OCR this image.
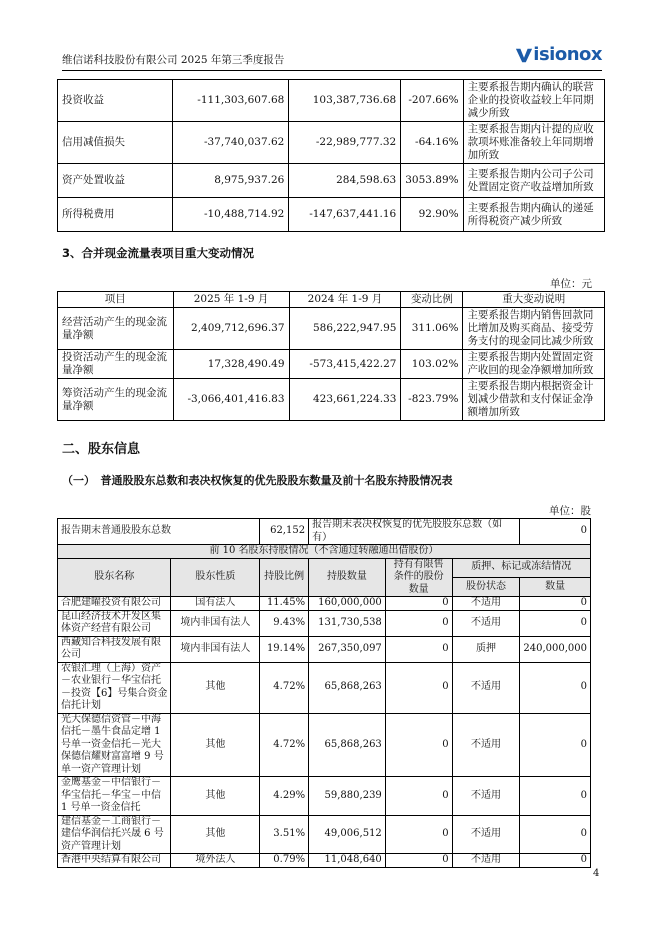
维信诺科技股份有限公司 2025 年第三季度报告	isionox
投资收益	-111,303,607.68	103,387,736.68	-207.66%	主要系报告期内确认的联营企业的投资收益较上年同期减少所致
信用减值损失	-37,740,037.62	-22,989,777.32	-64.16%	主要系报告期内计提的应收款项坏账准备较上年同期增加所致
资产处置收益	8,975,937.26	284,598.63	3053.89%	主要系报告期内公司子公司处置固定资产收益增加所致
所得税费用	-10,488,714.92	-147,637,441.16	92.90%	主要系报告期内确认的递延所得税资产减少所致
3、合并现金流量表项目重大变动情况
单位：元
项目	2025 年 1-9 月	2024 年 1-9 月	变动比例	重大变动说明
经营活动产生的现金流量净额	2,409,712,696.37	586,222,947.95	311.06%	主要系报告期内销售回款同比增加及购买商品、接受劳务支付的现金同比减少所致
投资活动产生的现金流量净额	17,328,490.49	-573,415,422.27	103.02%	主要系报告期内处置固定资产收回的现金净额增加所致
筹资活动产生的现金流量净额	-3,066,401,416.83	423,661,224.33	-823.79%	主要系报告期内根据资金计划减少借款和支付保证金净额增加所致
二、股东信息
（一）　普通股股东总数和表决权恢复的优先股股东数量及前十名股东持股情况表
单位：股
报告期末普通股股东总数		62,152	报告期末表决权恢复的优先股股东总数（如有）			0
前 10 名股东持股情况（不含通过转融通出借股份）						
股东名称	股东性质	持股比例	持股数量	持有有限售条件的股份数量	质押、标记或冻结情况	
					股份状态	数量
合肥建曜投资有限公司	国有法人	11.45%	160,000,000	0	不适用	0
昆山经济技术开发区集体资产经营有限公司	境内非国有法人	9.43%	131,730,538	0	不适用	0
西藏知合科技发展有限公司	境内非国有法人	19.14%	267,350,097	0	质押	240,000,000
农银汇理（上海）资产－农业银行－华宝信托－投资【6】号集合资金信托计划	其他	4.72%	65,868,263	0	不适用	0
光大保德信资管－中海信托－墨牛食品定增 1 号单一资金信托－光大保德信耀财富富增 9 号单一资产管理计划	其他	4.72%	65,868,263	0	不适用	0
金鹰基金－中信银行－华宝信托－华宝－中信 1 号单一资金信托	其他	4.29%	59,880,239	0	不适用	0
建信基金－工商银行－建信华润信托兴晟 6 号资产管理计划	其他	3.51%	49,006,512	0	不适用	0
香港中央结算有限公司	境外法人	0.79%	11,048,640	0	不适用	0
4
